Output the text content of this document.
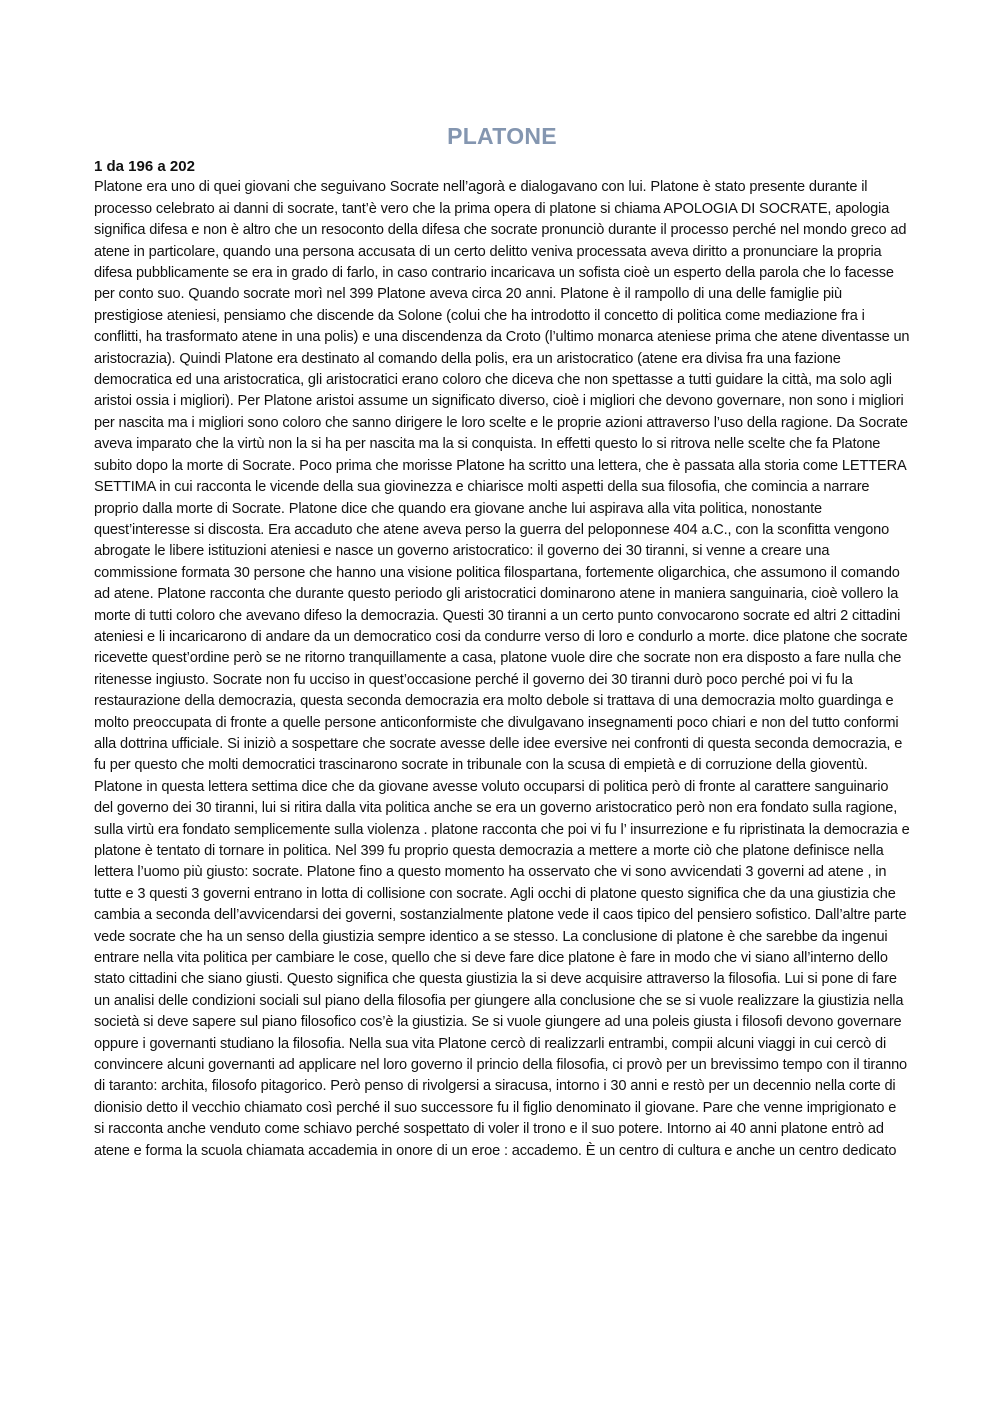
PLATONE
1 da 196 a 202
Platone era uno di quei giovani che seguivano Socrate nell’agorà e dialogavano con lui. Platone è stato presente durante il processo celebrato ai danni di socrate, tant’è vero che la prima opera di platone si chiama APOLOGIA DI SOCRATE, apologia significa difesa e non è altro che un resoconto della difesa che socrate pronunciò durante il processo perché nel mondo greco ad atene in particolare, quando una persona accusata di un certo delitto veniva processata aveva diritto a pronunciare la propria difesa pubblicamente se era in grado di farlo, in caso contrario incaricava un sofista cioè un esperto della parola che lo facesse per conto suo. Quando socrate morì nel 399 Platone aveva circa 20 anni. Platone è il rampollo di una delle famiglie più prestigiose ateniesi, pensiamo che discende da Solone (colui che ha introdotto il concetto di politica come mediazione fra i conflitti, ha trasformato atene in una polis) e una discendenza da Croto (l’ultimo monarca ateniese prima che atene diventasse un aristocrazia). Quindi Platone era destinato al comando della polis, era un aristocratico (atene era divisa fra una fazione democratica ed una aristocratica, gli aristocratici erano coloro che diceva che non spettasse a tutti guidare la città, ma solo agli aristoi ossia i migliori). Per Platone aristoi assume un significato diverso, cioè i migliori che devono governare, non sono i migliori per nascita ma i migliori sono coloro che sanno dirigere le loro scelte e le proprie azioni attraverso l’uso della ragione. Da Socrate aveva imparato che la virtù non la si ha per nascita ma la si conquista. In effetti questo lo si ritrova nelle scelte che fa Platone subito dopo la morte di Socrate. Poco prima che morisse Platone ha scritto una lettera, che è passata alla storia come LETTERA SETTIMA in cui racconta le vicende della sua giovinezza e chiarisce molti aspetti della sua filosofia, che comincia a narrare proprio dalla morte di Socrate. Platone dice che quando era giovane anche lui aspirava alla vita politica, nonostante quest’interesse si discosta. Era accaduto che atene aveva perso la guerra del peloponnese 404 a.C., con la sconfitta vengono abrogate le libere istituzioni ateniesi e nasce un governo aristocratico: il governo dei 30 tiranni, si venne a creare una commissione formata 30 persone che hanno una visione politica filospartana, fortemente oligarchica, che assumono il comando ad atene. Platone racconta che durante questo periodo gli aristocratici dominarono atene in maniera sanguinaria, cioè vollero la morte di tutti coloro che avevano difeso la democrazia. Questi 30 tiranni a un certo punto convocarono socrate ed altri 2 cittadini ateniesi e li incaricarono di andare da un democratico cosi da condurre verso di loro e condurlo a morte. dice platone che socrate ricevette quest’ordine però se ne ritorno tranquillamente a casa, platone vuole dire che socrate non era disposto a fare nulla che ritenesse ingiusto. Socrate non fu ucciso in quest’occasione perché il governo dei 30 tiranni durò poco perché poi vi fu la restaurazione della democrazia, questa seconda democrazia era molto debole si trattava di una democrazia molto guardinga e molto preoccupata di fronte a quelle persone anticonformiste che divulgavano insegnamenti poco chiari e non del tutto conformi alla dottrina ufficiale. Si iniziò a sospettare che socrate avesse delle idee eversive nei confronti di questa seconda democrazia, e fu per questo che molti democratici trascinarono socrate in tribunale con la scusa di empietà e di corruzione della gioventù. Platone in questa lettera settima dice che da giovane avesse voluto occuparsi di politica però di fronte al carattere sanguinario del governo dei 30 tiranni, lui si ritira dalla vita politica anche se era un governo aristocratico però non era fondato sulla ragione, sulla virtù era fondato semplicemente sulla violenza . platone racconta che poi vi fu l’ insurrezione e fu ripristinata la democrazia e platone è tentato di tornare in politica. Nel 399 fu proprio questa democrazia a mettere a morte ciò che platone definisce nella lettera l’uomo più giusto: socrate. Platone fino a questo momento ha osservato che vi sono avvicendati 3 governi ad atene , in tutte e 3 questi 3 governi entrano in lotta di collisione con socrate. Agli occhi di platone questo significa che da una giustizia che cambia a seconda dell’avvicendarsi dei governi, sostanzialmente platone vede il caos tipico del pensiero sofistico. Dall’altre parte vede socrate che ha un senso della giustizia sempre identico a se stesso. La conclusione di platone è che sarebbe da ingenui entrare nella vita politica per cambiare le cose, quello che si deve fare dice platone è fare in modo che vi siano all’interno dello stato cittadini che siano giusti. Questo significa che questa giustizia la si deve acquisire attraverso la filosofia. Lui si pone di fare un analisi delle condizioni sociali sul piano della filosofia per giungere alla conclusione che se si vuole realizzare la giustizia nella società si deve sapere sul piano filosofico cos’è la giustizia. Se si vuole giungere ad una poleis giusta i filosofi devono governare oppure i governanti studiano la filosofia. Nella sua vita Platone cercò di realizzarli entrambi, compii alcuni viaggi in cui cercò di convincere alcuni governanti ad applicare nel loro governo il princio della filosofia, ci provò per un brevissimo tempo con il tiranno di taranto: archita, filosofo pitagorico. Però penso di rivolgersi a siracusa, intorno i 30 anni e restò per un decennio nella corte di dionisio detto il vecchio chiamato così perché il suo successore fu il figlio denominato il giovane. Pare che venne imprigionato e si racconta anche venduto come schiavo perché sospettato di voler il trono e il suo potere. Intorno ai 40 anni platone entrò ad atene e forma la scuola chiamata accademia in onore di un eroe : accademo. È un centro di cultura e anche un centro dedicato
